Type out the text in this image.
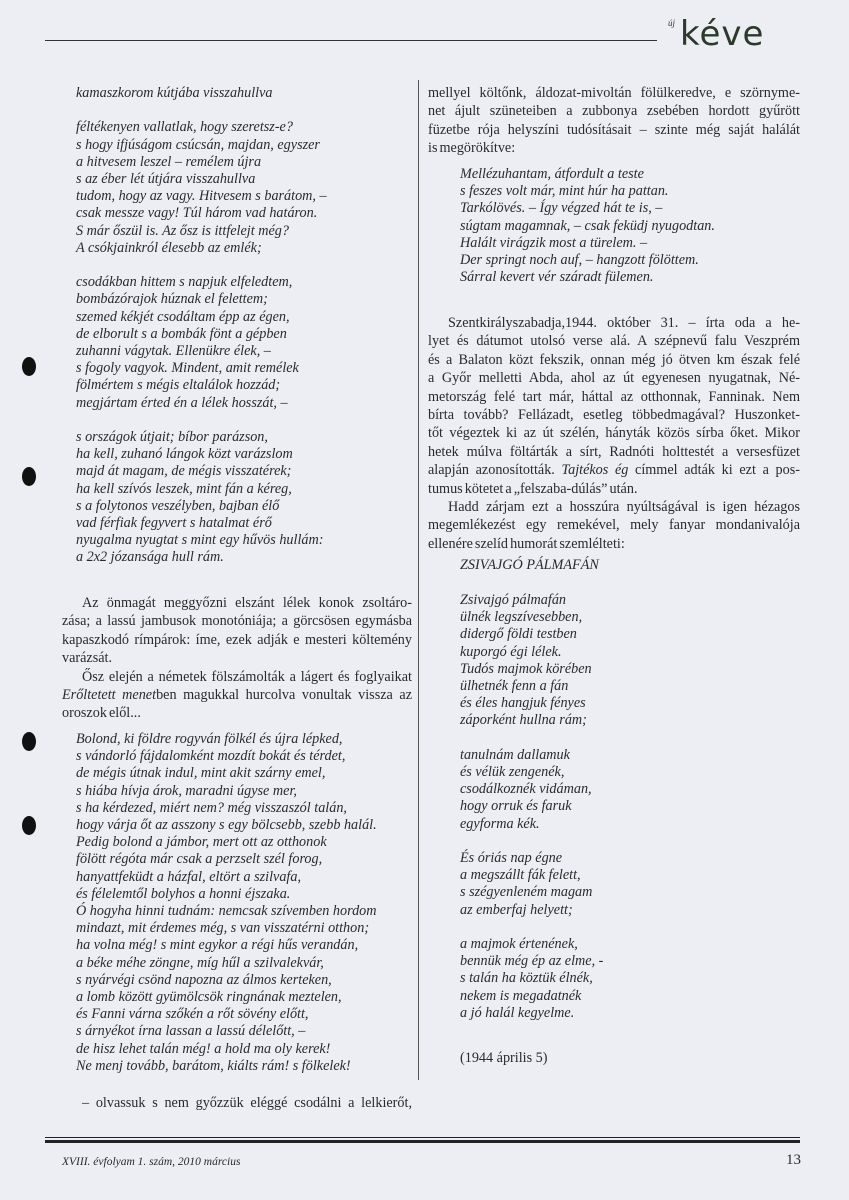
új kéve
kamaszkorom kútjába visszahullva
féltékenyen vallatlak, hogy szeretsz-e?
s hogy ifjúságom csúcsán, majdan, egyszer
a hitvesem leszel – remélem újra
s az éber lét útjára visszahullva
tudom, hogy az vagy. Hitvesem s barátom, –
csak messze vagy! Túl három vad határon.
S már őszül is. Az ősz is ittfelejt még?
A csókjainkról élesebb az emlék;
csodákban hittem s napjuk elfeledtem,
bombázórajok húznak el felettem;
szemed kékjét csodáltam épp az égen,
de elborult s a bombák fönt a gépben
zuhanni vágytak. Ellenükre élek, –
s fogoly vagyok. Mindent, amit remélek
fölmértem s mégis eltalálok hozzád;
megjártam érted én a lélek hosszát, –
s országok útjait; bíbor parázson,
ha kell, zuhanó lángok közt varázslom
majd át magam, de mégis visszatérek;
ha kell szívós leszek, mint fán a kéreg,
s a folytonos veszélyben, bajban élő
vad férfiak fegyvert s hatalmat érő
nyugalma nyugtat s mint egy hűvös hullám:
a 2x2 józansága hull rám.
Az önmagát meggyőzni elszánt lélek konok zsoltáro-
zása; a lassú jambusok monotóniája; a görcsösen egymásba
kapaszkodó rímpárok: íme, ezek adják e mesteri költemény
varázsát.
Ősz elején a németek fölszámolták a lágert és foglyaikat
Erőltetett menetben magukkal hurcolva vonultak vissza az
oroszok elől...
Bolond, ki földre rogyván fölkél és újra lépked,
s vándorló fájdalomként mozdít bokát és térdet,
de mégis útnak indul, mint akit szárny emel,
s hiába hívja árok, maradni úgyse mer,
s ha kérdezed, miért nem? még visszaszól talán,
hogy várja őt az asszony s egy bölcsebb, szebb halál.
Pedig bolond a jámbor, mert ott az otthonok
fölött régóta már csak a perzselt szél forog,
hanyattfeküdt a házfal, eltört a szilvafa,
és félelemtől bolyhos a honni éjszaka.
Ó hogyha hinni tudnám: nemcsak szívemben hordom
mindazt, mit érdemes még, s van visszatérni otthon;
ha volna még! s mint egykor a régi hűs verandán,
a béke méhe zöngne, míg hűl a szilvalekvár,
s nyárvégi csönd napozna az álmos kerteken,
a lomb között gyümölcsök ringnának meztelen,
és Fanni várna szőkén a rőt sövény előtt,
s árnyékot írna lassan a lassú délelőtt, –
de hisz lehet talán még! a hold ma oly kerek!
Ne menj tovább, barátom, kiálts rám! s fölkelek!
– olvassuk s nem győzzük eléggé csodálni a lelkierőt,
mellyel költőnk, áldozat-mivoltán fölülkeredve, e szörnyme-
net ájult szüneteiben a zubbonya zsebében hordott gyűrött
füzetbe rója helyszíni tudósításait – szinte még saját halálát
is megörökítve:
Mellézuhantam, átfordult a teste
s feszes volt már, mint húr ha pattan.
Tarkólövés. – Így végzed hát te is, –
súgtam magamnak, – csak feküdj nyugodtan.
Halált virágzik most a türelem. –
Der springt noch auf, – hangzott fölöttem.
Sárral kevert vér száradt fülemen.
Szentkirályszabadja,1944. október 31. – írta oda a he-
lyet és dátumot utolsó verse alá. A szépnevű falu Veszprém
és a Balaton közt fekszik, onnan még jó ötven km észak felé
a Győr melletti Abda, ahol az út egyenesen nyugatnak, Né-
metország felé tart már, háttal az otthonnak, Fanninak. Nem
bírta tovább? Fellázadt, esetleg többedmagával? Huszonket-
tőt végeztek ki az út szélén, hányták közös sírba őket. Mikor
hetek múlva föltárták a sírt, Radnóti holttestét a versesfüzet
alapján azonosították. Tajtékos ég címmel adták ki ezt a pos-
tumus kötetet a „felszaba-dúlás” után.
Hadd zárjam ezt a hosszúra nyúltságával is igen hézagos
megemlékezést egy remekével, mely fanyar mondanivalója
ellenére szelíd humorát szemlélteti:
ZSIVAJGÓ PÁLMAFÁN
Zsivajgó pálmafán
ülnék legszívesebben,
didergő földi testben
kuporgó égi lélek.
Tudós majmok körében
ülhetnék fenn a fán
és éles hangjuk fényes
záporként hullna rám;
tanulnám dallamuk
és vélük zengenék,
csodálkoznék vidáman,
hogy orruk és faruk
egyforma kék.
És óriás nap égne
a megszállt fák felett,
s szégyenleném magam
az emberfaj helyett;
a majmok értenének,
bennük még ép az elme, -
s talán ha köztük élnék,
nekem is megadatnék
a jó halál kegyelme.
(1944 április 5)
XVIII. évfolyam 1. szám, 2010 március	13
